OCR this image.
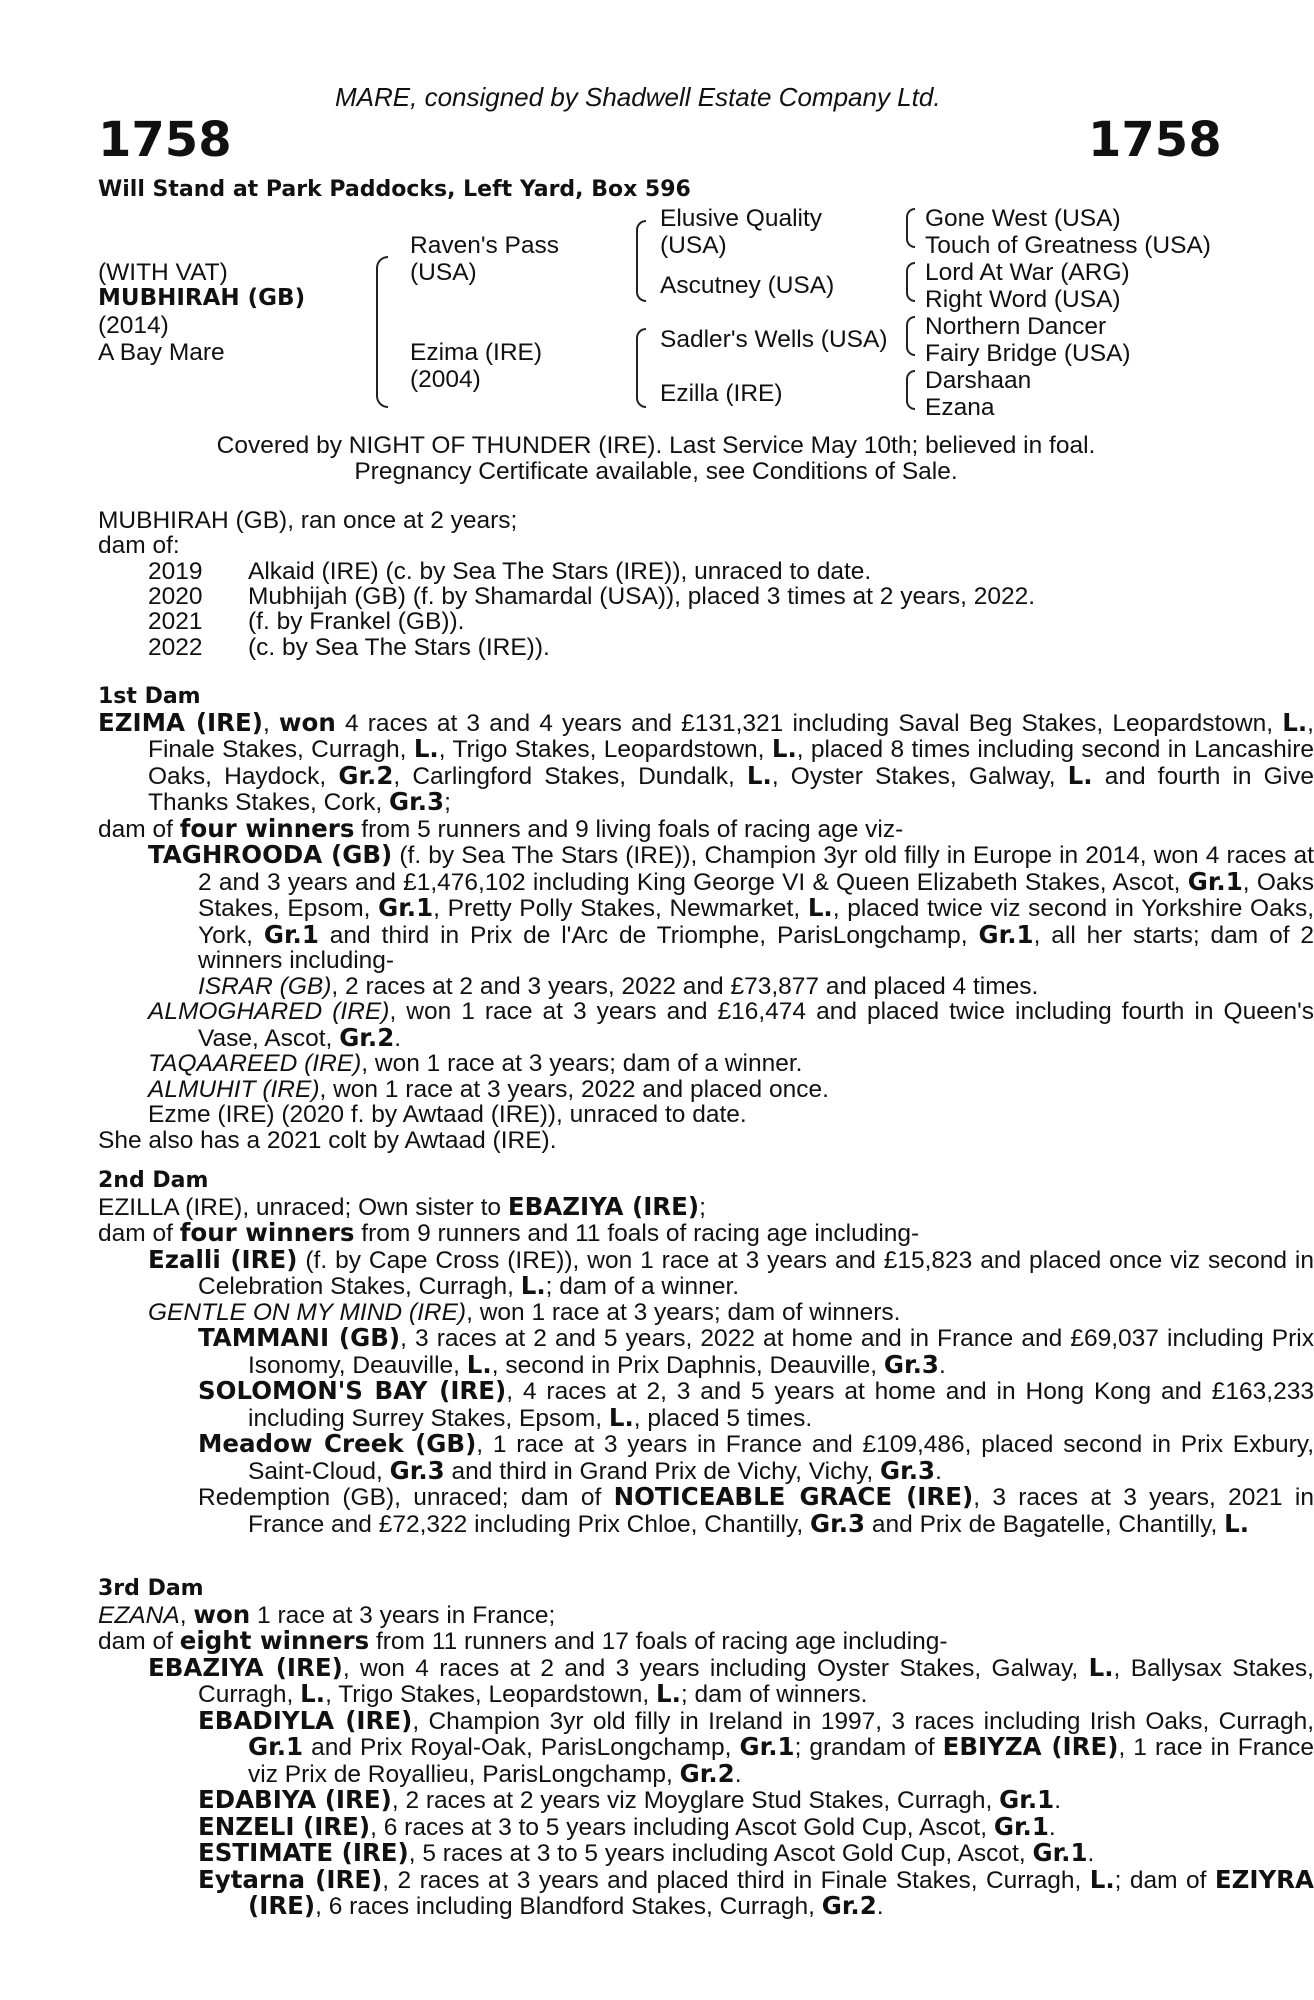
MARE, consigned by Shadwell Estate Company Ltd.
1758	1758
Will Stand at Park Paddocks, Left Yard, Box 596
(WITH VAT)
MUBHIRAH (GB)
(2014)
A Bay Mare
Raven's Pass
(USA)
Ezima (IRE)
(2004)
Elusive Quality
(USA)
Ascutney (USA)
Sadler's Wells (USA)
Ezilla (IRE)
Gone West (USA)
Touch of Greatness (USA)
Lord At War (ARG)
Right Word (USA)
Northern Dancer
Fairy Bridge (USA)
Darshaan
Ezana
Covered by NIGHT OF THUNDER (IRE). Last Service May 10th; believed in foal.
Pregnancy Certificate available, see Conditions of Sale.
MUBHIRAH (GB), ran once at 2 years;
dam of:
2019 Alkaid (IRE) (c. by Sea The Stars (IRE)), unraced to date.
2020 Mubhijah (GB) (f. by Shamardal (USA)), placed 3 times at 2 years, 2022.
2021 (f. by Frankel (GB)).
2022 (c. by Sea The Stars (IRE)).

1st Dam

EZIMA (IRE), won 4 races at 3 and 4 years and £131,321 including Saval Beg Stakes, Leopardstown, L., Finale Stakes, Curragh, L., Trigo Stakes, Leopardstown, L., placed 8 times including second in Lancashire Oaks, Haydock, Gr.2, Carlingford Stakes, Dundalk, L., Oyster Stakes, Galway, L. and fourth in Give Thanks Stakes, Cork, Gr.3;

dam of four winners from 5 runners and 9 living foals of racing age viz-

TAGHROODA (GB) (f. by Sea The Stars (IRE)), Champion 3yr old filly in Europe in 2014, won 4 races at 2 and 3 years and £1,476,102 including King George VI & Queen Elizabeth Stakes, Ascot, Gr.1, Oaks Stakes, Epsom, Gr.1, Pretty Polly Stakes, Newmarket, L., placed twice viz second in Yorkshire Oaks, York, Gr.1 and third in Prix de l'Arc de Triomphe, ParisLongchamp, Gr.1, all her starts; dam of 2 winners including-

ISRAR (GB), 2 races at 2 and 3 years, 2022 and £73,877 and placed 4 times.

ALMOGHARED (IRE), won 1 race at 3 years and £16,474 and placed twice including fourth in Queen's Vase, Ascot, Gr.2.

TAQAAREED (IRE), won 1 race at 3 years; dam of a winner.

ALMUHIT (IRE), won 1 race at 3 years, 2022 and placed once.

Ezme (IRE) (2020 f. by Awtaad (IRE)), unraced to date.

She also has a 2021 colt by Awtaad (IRE).

2nd Dam

EZILLA (IRE), unraced; Own sister to EBAZIYA (IRE);

dam of four winners from 9 runners and 11 foals of racing age including-

Ezalli (IRE) (f. by Cape Cross (IRE)), won 1 race at 3 years and £15,823 and placed once viz second in Celebration Stakes, Curragh, L.; dam of a winner.

GENTLE ON MY MIND (IRE), won 1 race at 3 years; dam of winners.

TAMMANI (GB), 3 races at 2 and 5 years, 2022 at home and in France and £69,037 including Prix Isonomy, Deauville, L., second in Prix Daphnis, Deauville, Gr.3.

SOLOMON'S BAY (IRE), 4 races at 2, 3 and 5 years at home and in Hong Kong and £163,233 including Surrey Stakes, Epsom, L., placed 5 times.

Meadow Creek (GB), 1 race at 3 years in France and £109,486, placed second in Prix Exbury, Saint-Cloud, Gr.3 and third in Grand Prix de Vichy, Vichy, Gr.3.

Redemption (GB), unraced; dam of NOTICEABLE GRACE (IRE), 3 races at 3 years, 2021 in France and £72,322 including Prix Chloe, Chantilly, Gr.3 and Prix de Bagatelle, Chantilly, L.

3rd Dam

EZANA, won 1 race at 3 years in France;

dam of eight winners from 11 runners and 17 foals of racing age including-

EBAZIYA (IRE), won 4 races at 2 and 3 years including Oyster Stakes, Galway, L., Ballysax Stakes, Curragh, L., Trigo Stakes, Leopardstown, L.; dam of winners.

EBADIYLA (IRE), Champion 3yr old filly in Ireland in 1997, 3 races including Irish Oaks, Curragh, Gr.1 and Prix Royal-Oak, ParisLongchamp, Gr.1; grandam of EBIYZA (IRE), 1 race in France viz Prix de Royallieu, ParisLongchamp, Gr.2.

EDABIYA (IRE), 2 races at 2 years viz Moyglare Stud Stakes, Curragh, Gr.1.

ENZELI (IRE), 6 races at 3 to 5 years including Ascot Gold Cup, Ascot, Gr.1.

ESTIMATE (IRE), 5 races at 3 to 5 years including Ascot Gold Cup, Ascot, Gr.1.

Eytarna (IRE), 2 races at 3 years and placed third in Finale Stakes, Curragh, L.; dam of EZIYRA (IRE), 6 races including Blandford Stakes, Curragh, Gr.2.
